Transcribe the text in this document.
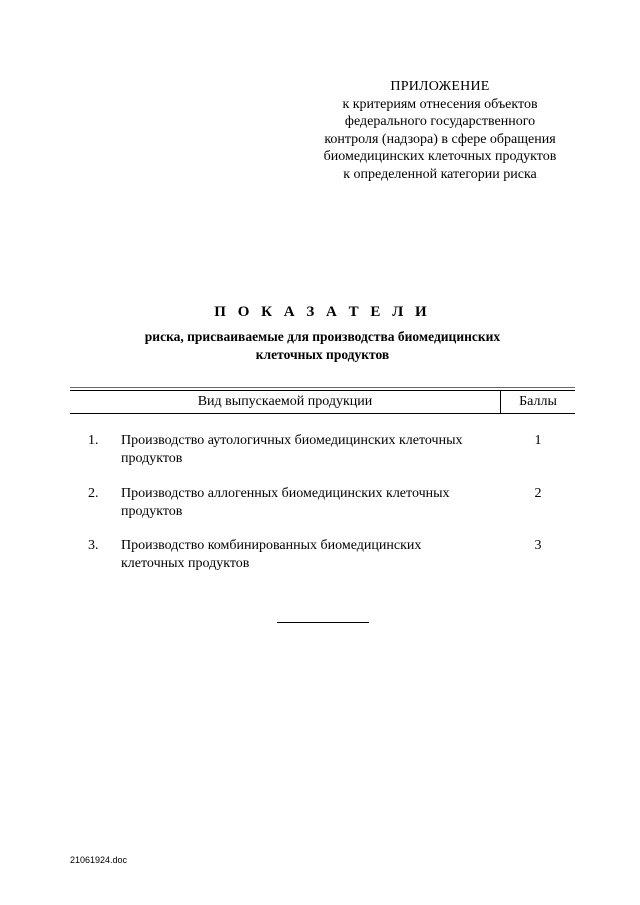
ПРИЛОЖЕНИЕ
к критериям отнесения объектов
федерального государственного
контроля (надзора) в сфере обращения
биомедицинских клеточных продуктов
к определенной категории риска
П О К А З А Т Е Л И
риска, присваиваемые для производства биомедицинских
клеточных продуктов
Вид выпускаемой продукции	Баллы
1. Производство аутологичных биомедицинских клеточных
продуктов
1
2. Производство аллогенных биомедицинских клеточных
продуктов
2
3. Производство комбинированных биомедицинских
клеточных продуктов
3
21061924.doc
